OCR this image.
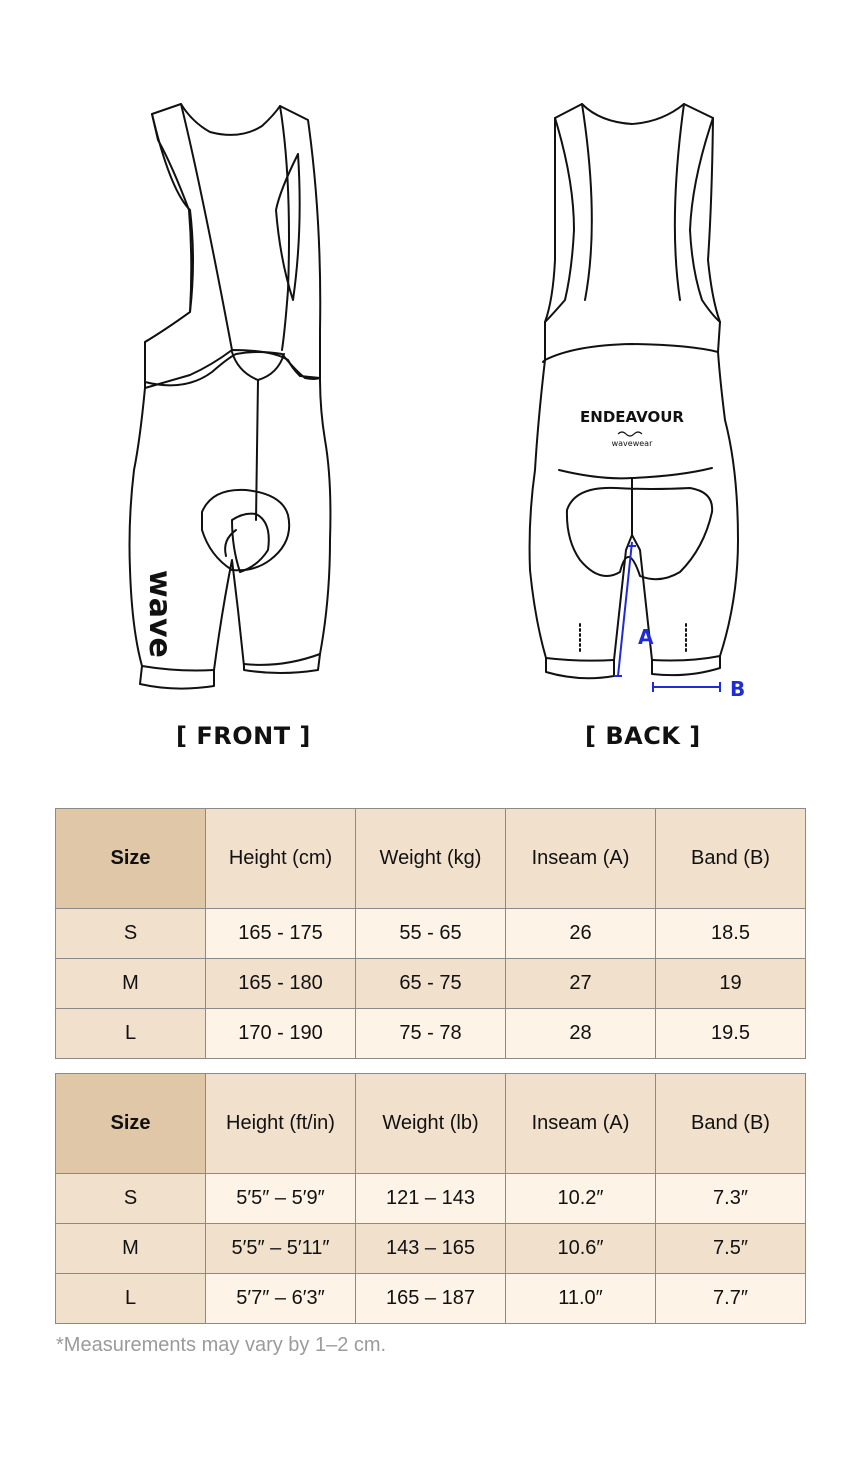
wave
ENDEAVOUR
wavewear
A
B
[ FRONT ]	[ BACK ]
Size	Height (cm)	Weight (kg)	Inseam (A)	Band (B)
S	165 - 175	55 - 65	26	18.5
M	165 - 180	65 - 75	27	19
L	170 - 190	75 - 78	28	19.5
Size	Height (ft/in)	Weight (lb)	Inseam (A)	Band (B)
S	5′5″ – 5′9″	121 – 143	10.2″	7.3″
M	5′5″ – 5′11″	143 – 165	10.6″	7.5″
L	5′7″ – 6′3″	165 – 187	11.0″	7.7″
*Measurements may vary by 1–2 cm.
